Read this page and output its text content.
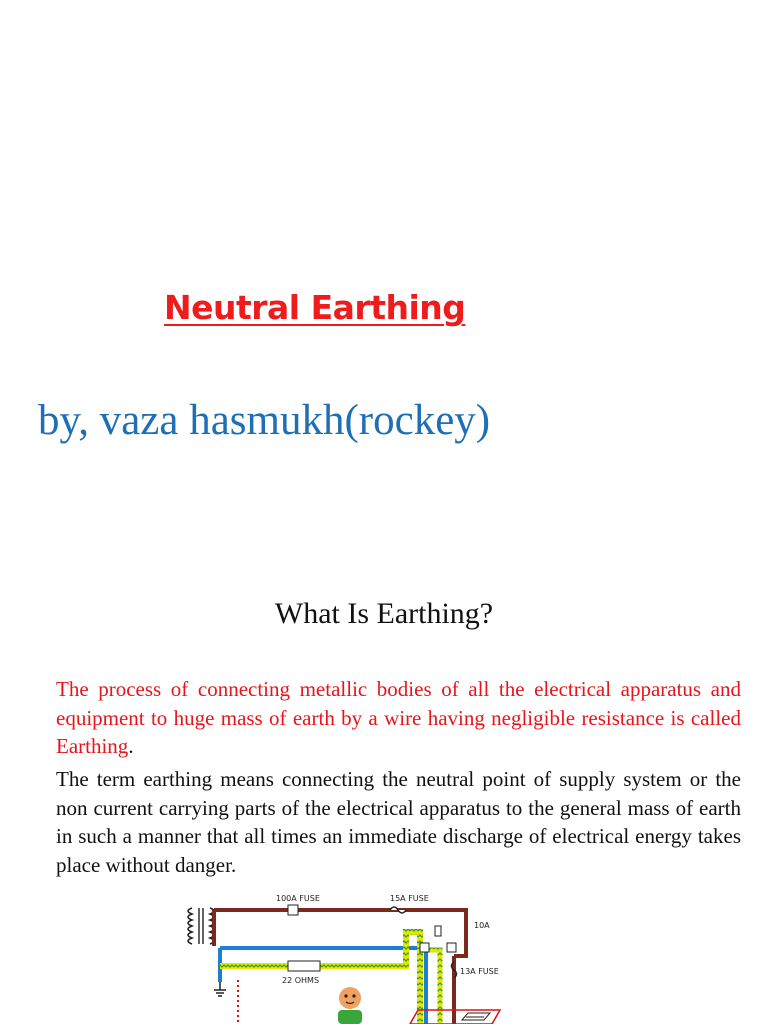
Neutral Earthing
by, vaza hasmukh(rockey)
What Is Earthing?

The process of connecting metallic bodies of all the electrical apparatus and equipment to huge mass of earth by a wire having negligible resistance is called Earthing.

The term earthing means connecting the neutral point of supply system or the non current carrying parts of the electrical apparatus to the general mass of earth in such a manner that all times an immediate discharge of electrical energy takes place without danger.

100A FUSE	15A FUSE
10A
13A FUSE
22 OHMS
